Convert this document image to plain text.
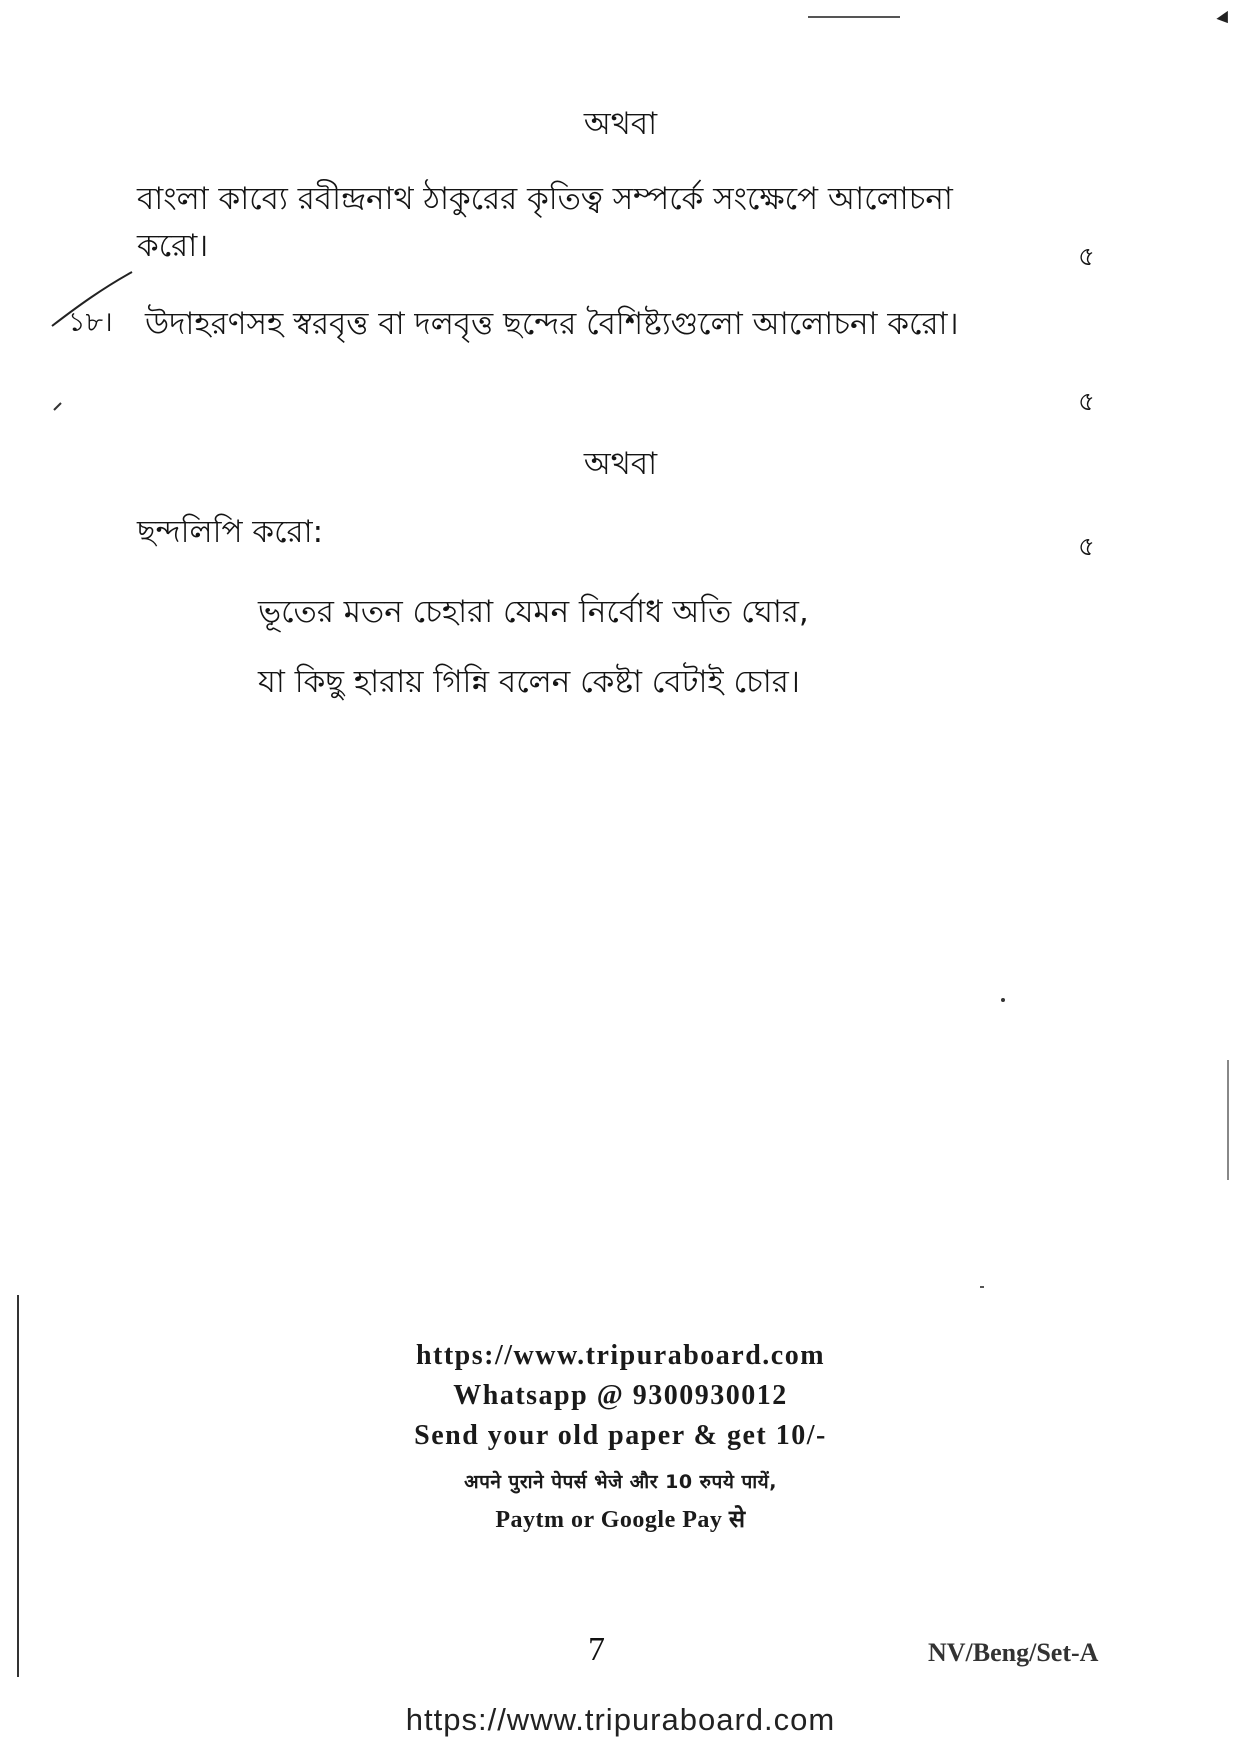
অথবা
বাংলা কাব্যে রবীন্দ্রনাথ ঠাকুরের কৃতিত্ব সম্পর্কে সংক্ষেপে আলোচনা
করো।	৫
১৮। উদাহরণসহ স্বরবৃত্ত বা দলবৃত্ত ছন্দের বৈশিষ্ট্যগুলো আলোচনা করো।
৫
অথবা
ছন্দলিপি করো:	৫
ভূতের মতন চেহারা যেমন নির্বোধ অতি ঘোর,
যা কিছু হারায় গিন্নি বলেন কেষ্টা বেটাই চোর।
https://www.tripuraboard.com
Whatsapp @ 9300930012
Send your old paper & get 10/-
अपने पुराने पेपर्स भेजे और 10 रुपये पायें,
Paytm or Google Pay से
7	NV/Beng/Set-A
https://www.tripuraboard.com
